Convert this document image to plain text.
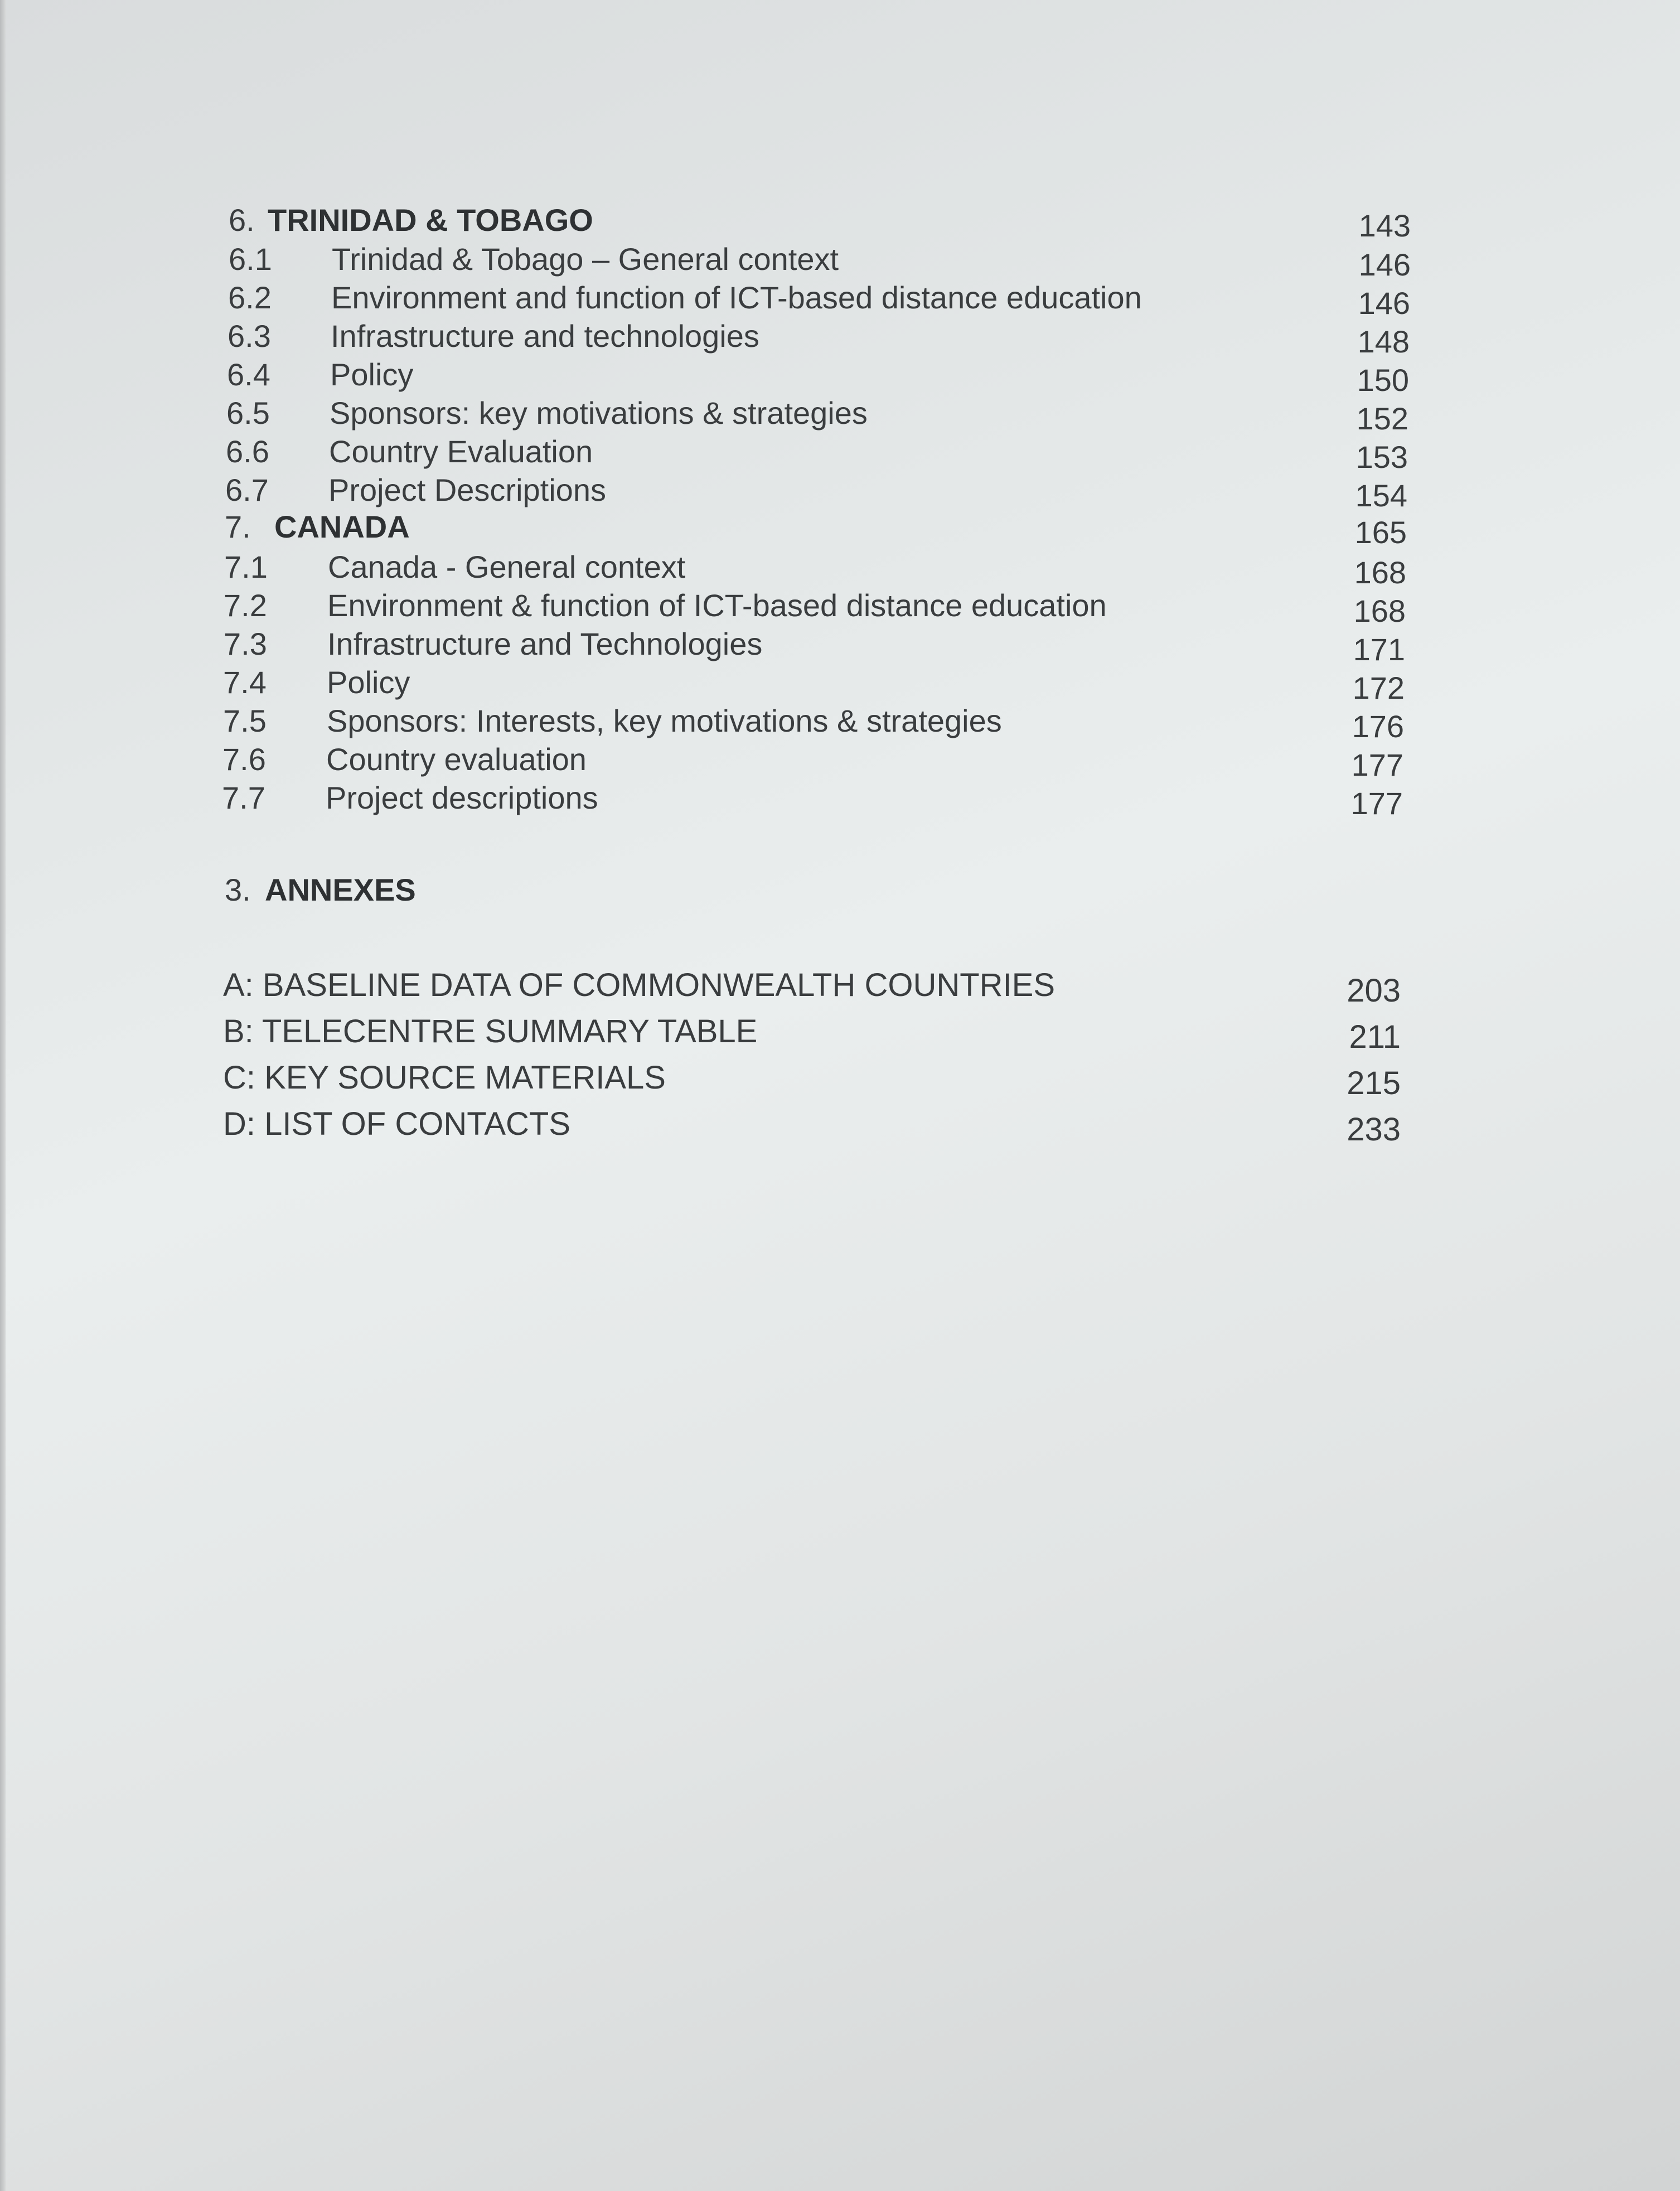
6. TRINIDAD & TOBAGO	143
6.1 Trinidad & Tobago – General context	146
6.2 Environment and function of ICT-based distance education	146
6.3 Infrastructure and technologies	148
6.4 Policy	150
6.5 Sponsors: key motivations & strategies	152
6.6 Country Evaluation	153
6.7 Project Descriptions	154
7. CANADA	165
7.1 Canada - General context	168
7.2 Environment & function of ICT-based distance education	168
7.3 Infrastructure and Technologies	171
7.4 Policy	172
7.5 Sponsors: Interests, key motivations & strategies	176
7.6 Country evaluation	177
7.7 Project descriptions	177
3. ANNEXES
A: BASELINE DATA OF COMMONWEALTH COUNTRIES	203
B: TELECENTRE SUMMARY TABLE	211
C: KEY SOURCE MATERIALS	215
D: LIST OF CONTACTS	233
